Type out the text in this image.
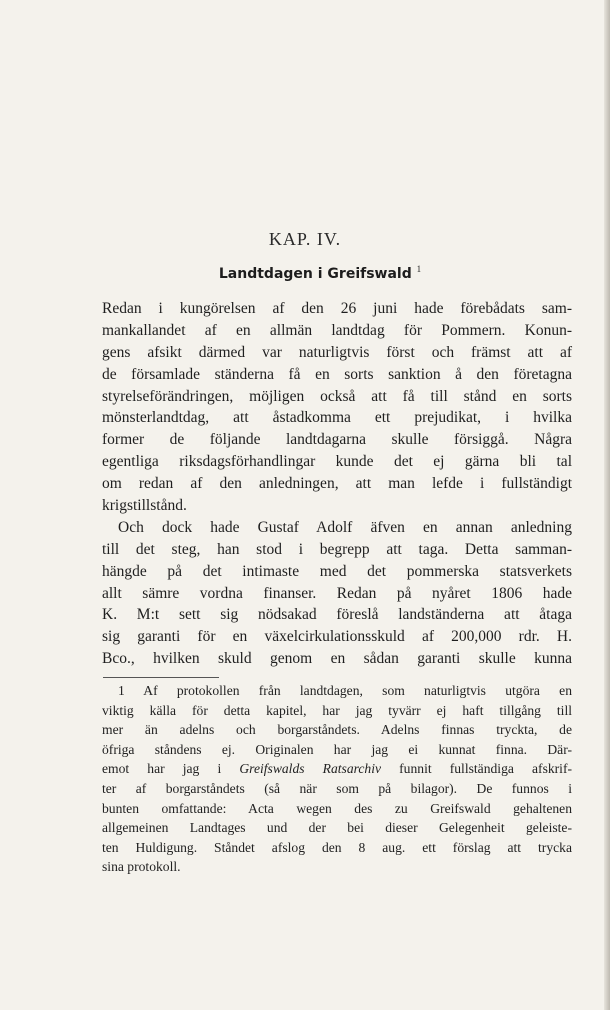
KAP. IV.
Landtdagen i Greifswald $^1$
Redan i kungörelsen af den 26 juni hade förebådats sam-
mankallandet af en allmän landtdag för Pommern. Konun-
gens afsikt därmed var naturligtvis först och främst att af
de församlade ständerna få en sorts sanktion å den företagna
styrelseförändringen, möjligen också att få till stånd en sorts
mönsterlandtdag, att åstadkomma ett prejudikat, i hvilka
former de följande landtdagarna skulle försiggå. Några
egentliga riksdagsförhandlingar kunde det ej gärna bli tal
om redan af den anledningen, att man lefde i fullständigt
krigstillstånd.
Och dock hade Gustaf Adolf äfven en annan anledning
till det steg, han stod i begrepp att taga. Detta samman-
hängde på det intimaste med det pommerska statsverkets
allt sämre vordna finanser. Redan på nyåret 1806 hade
K. M:t sett sig nödsakad föreslå landständerna att åtaga
sig garanti för en växelcirkulationsskuld af 200,000 rdr. H.
Bco., hvilken skuld genom en sådan garanti skulle kunna
1 Af protokollen från landtdagen, som naturligtvis utgöra en
viktig källa för detta kapitel, har jag tyvärr ej haft tillgång till
mer än adelns och borgarståndets. Adelns finnas tryckta, de
öfriga ståndens ej. Originalen har jag ei kunnat finna. Där-
emot har jag i Greifswalds Ratsarchiv funnit fullständiga afskrif-
ter af borgarståndets (så när som på bilagor). De funnos i
bunten omfattande: Acta wegen des zu Greifswald gehaltenen
allgemeinen Landtages und der bei dieser Gelegenheit geleiste-
ten Huldigung. Ståndet afslog den 8 aug. ett förslag att trycka
sina protokoll.
